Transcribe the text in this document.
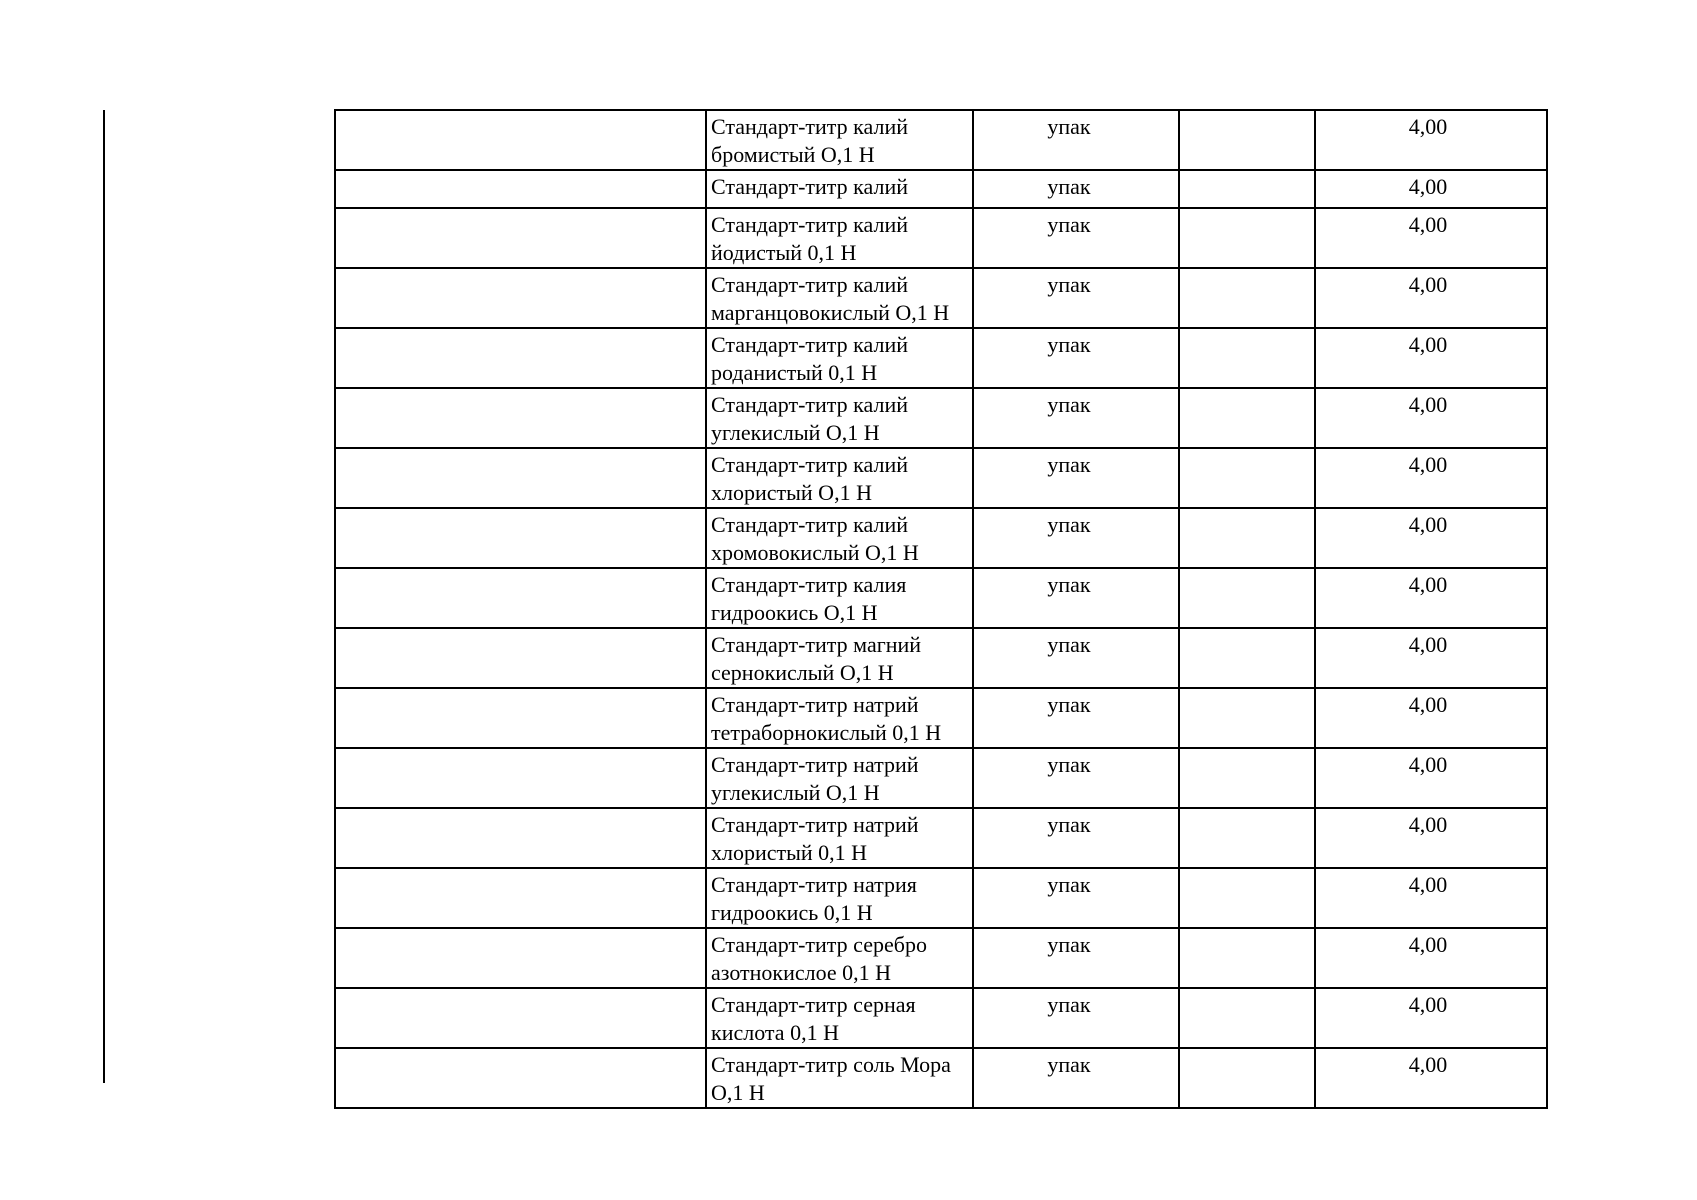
	Стандарт-титр калий бромистый О,1 Н	упак		4,00

	Стандарт-титр калий	упак		4,00

	Стандарт-титр калий йодистый 0,1 Н	упак		4,00

	Стандарт-титр калий марганцовокислый О,1 Н	упак		4,00

	Стандарт-титр калий роданистый 0,1 Н	упак		4,00

	Стандарт-титр калий углекислый О,1 Н	упак		4,00

	Стандарт-титр калий хлористый О,1 Н	упак		4,00

	Стандарт-титр калий хромовокислый О,1 Н	упак		4,00

	Стандарт-титр калия гидроокись О,1 Н	упак		4,00

	Стандарт-титр магний сернокислый О,1 Н	упак		4,00

	Стандарт-титр натрий тетраборнокислый 0,1 Н	упак		4,00

	Стандарт-титр натрий углекислый О,1 Н	упак		4,00

	Стандарт-титр натрий хлористый 0,1 Н	упак		4,00

	Стандарт-титр натрия гидроокись 0,1 Н	упак		4,00

	Стандарт-титр серебро азотнокислое 0,1 Н	упак		4,00

	Стандарт-титр серная кислота 0,1 Н	упак		4,00

	Стандарт-титр соль Мора О,1 Н	упак		4,00
